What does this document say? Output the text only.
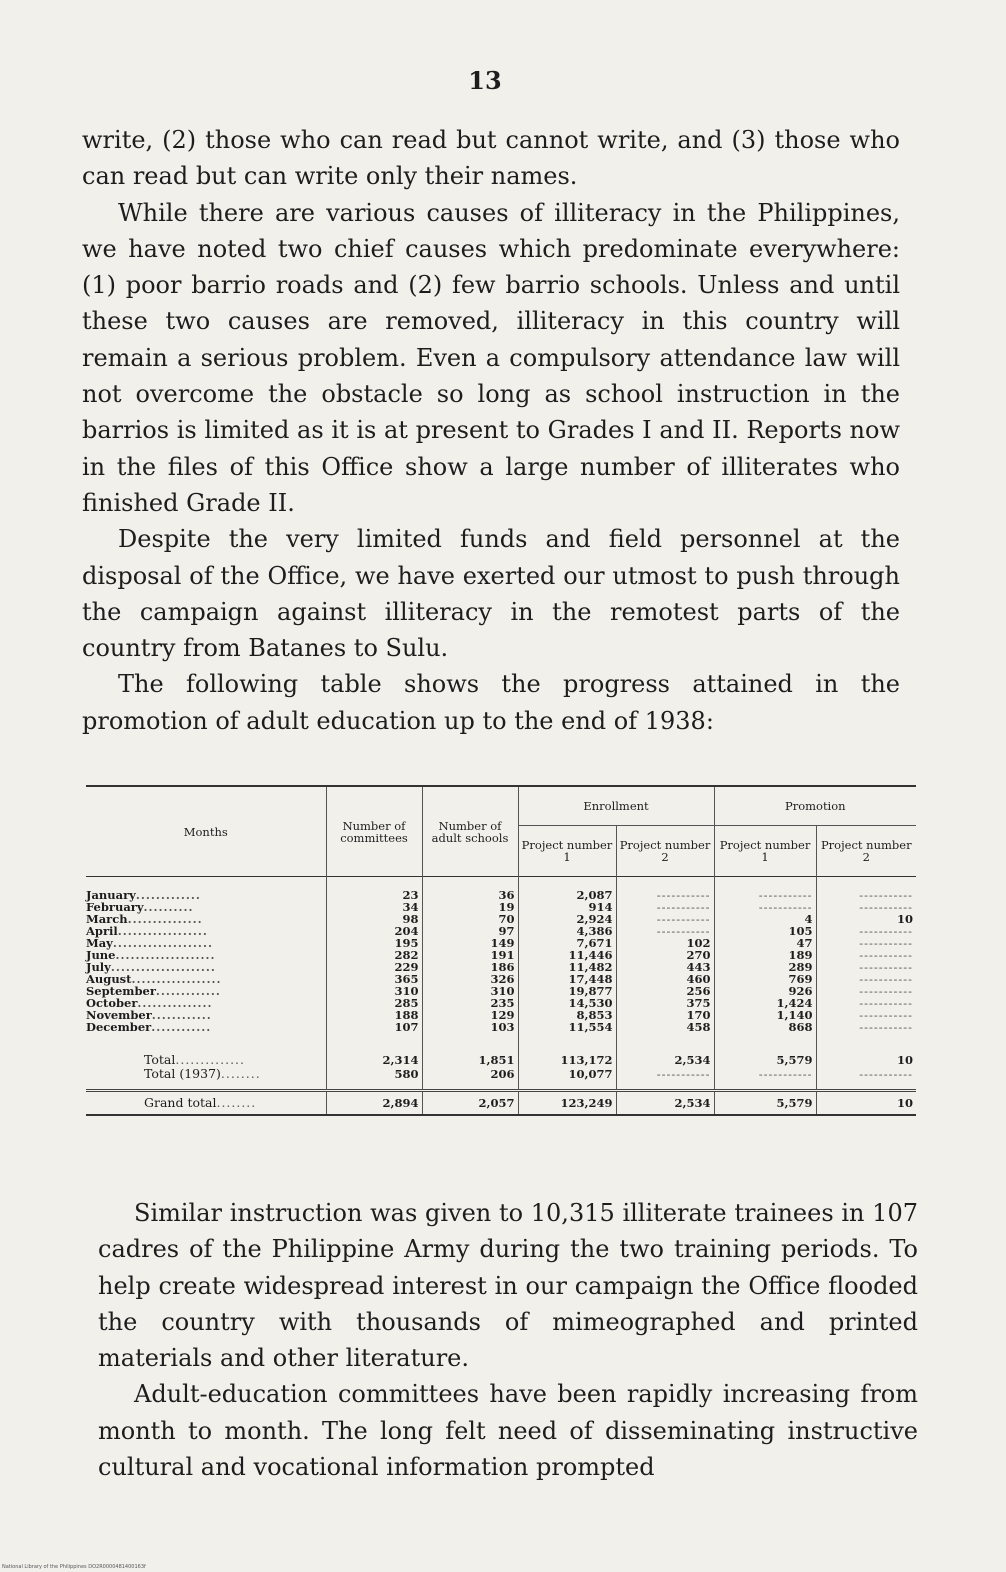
13

write, (2) those who can read but cannot write, and (3) those who can read but can write only their names.

While there are various causes of illiteracy in the Philippines, we have noted two chief causes which predominate everywhere: (1) poor barrio roads and (2) few barrio schools. Unless and until these two causes are removed, illiteracy in this country will remain a serious problem. Even a compulsory attendance law will not overcome the obstacle so long as school instruction in the barrios is limited as it is at present to Grades I and II. Reports now in the files of this Office show a large number of illiterates who finished Grade II.

Despite the very limited funds and field personnel at the disposal of the Office, we have exerted our utmost to push through the campaign against illiteracy in the remotest parts of the country from Batanes to Sulu.

The following table shows the progress attained in the promotion of adult education up to the end of 1938:

Months	Number of committees	Number of adult schools	Enrollment		Promotion	
			Project number 1	Project number 2	Project number 1	Project number 2

January.............	23	36	2,087	-----------	-----------	-----------
February..........	34	19	914	-----------	-----------	-----------
March...............	98	70	2,924	-----------	4	10
April..................	204	97	4,386	-----------	105	-----------
May....................	195	149	7,671	102	47	-----------
June....................	282	191	11,446	270	189	-----------
July.....................	229	186	11,482	443	289	-----------
August..................	365	326	17,448	460	769	-----------
September.............	310	310	19,877	256	926	-----------
October...............	285	235	14,530	375	1,424	-----------
November............	188	129	8,853	170	1,140	-----------
December............	107	103	11,554	458	868	-----------

Total..............	2,314	1,851	113,172	2,534	5,579	10
Total (1937)........	580	206	10,077	-----------	-----------	-----------
Grand total........	2,894	2,057	123,249	2,534	5,579	10

Similar instruction was given to 10,315 illiterate trainees in 107 cadres of the Philippine Army during the two training periods. To help create widespread interest in our campaign the Office flooded the country with thousands of mimeographed and printed materials and other literature.

Adult-education committees have been rapidly increasing from month to month. The long felt need of disseminating instructive cultural and vocational information prompted

National Library of the Philippines DO2R0000481400163f
